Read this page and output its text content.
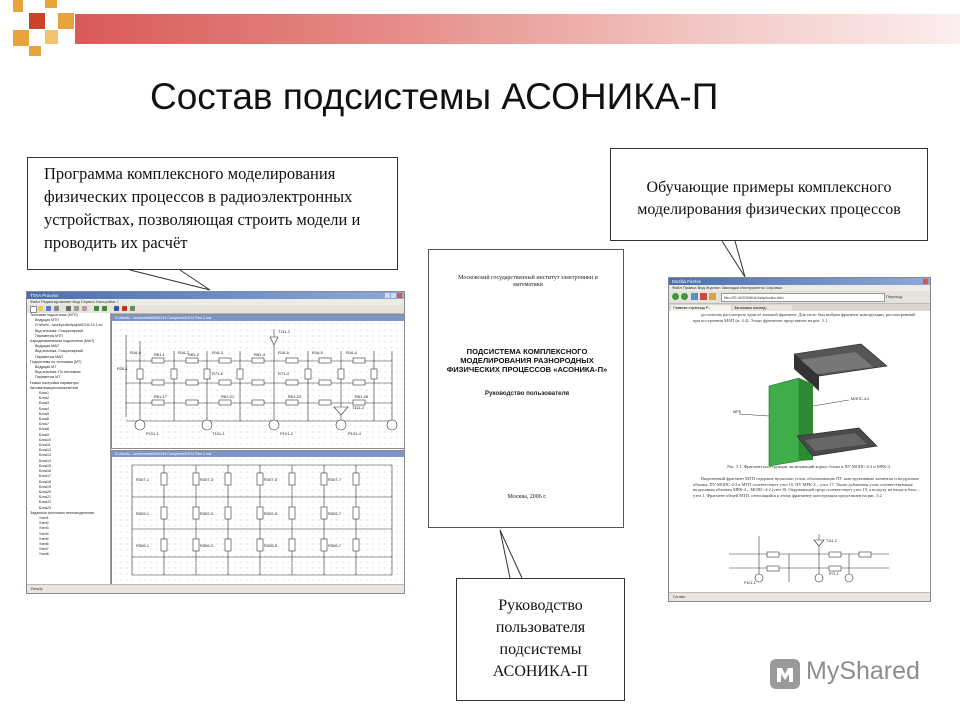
Состав подсистемы АСОНИКА-П
Программа комплексного моделирования физических процессов в радиоэлектронных устройствах, позволяющая строить модели и проводить их расчёт
Обучающие примеры комплексного моделирования физических процессов
Руководство пользователя подсистемы АСОНИКА-П
TTAA Process
Файл Редактирование Вид Сервис Настройки ?
Тепловая подсистема (МТП)
Ведущая МТП
D:\Work\...\work\pu\tbd\pdp\MCH4.14.1.cb
Вид анализа: Стационарный
Параметры МТП
Аэродинамическая подсистема (МАП)
Ведущая МАП
Вид анализа: Стационарный
Параметры МАП
Подсистема по тепловым (МТ)
Ведущая МТ
Вид анализа: По тепловым
Параметры МТ
Новые настройки параметры
Автоматизация компонентов
Блок1
Блок2
Блок3
Блок4
Блок5
Блок6
Блок7
Блок8
Блок9
Блок10
Блок11
Блок12
Блок13
Блок14
Блок15
Блок16
Блок17
Блок18
Блок19
Блок20
Блок21
Блок22
Блок23
Заданные источники тепловыделения
Узел1
Узел2
Узел3
Узел4
Узел5
Узел6
Узел7
Узел8
D:\Work\...\work\mk\tbd\MCH4 Complex\MCH4 Res 1.rds
R16-9	R16-7	R16-3	R16-6	R16-5	R16-4
R61-1	R61-2	R61-4
R61-17	R61-21	R61-23	R61-26
T111-1
T111-2
R26-1
R71-6	R71-4
P101-1	T101-1	P101-2	P101-4
D:\Work\...\work\mk\tbd\MCH4 Complex\MCH4 Res 2.rds
R307-1	R307-3	R307-5	R307-7
R302-1	R302-3	R302-5	R302-7
R306-1	R306-3	R306-5	R306-7
Ready
Московский государственный институт электроники и математики
ПОДСИСТЕМА КОМПЛЕКСНОГО МОДЕЛИРОВАНИЯ РАЗНОРОДНЫХ ФИЗИЧЕСКИХ ПРОЦЕССОВ «АСОНИКА-П»
Руководство пользователя
Москва, 2006 г.
Mozilla Firefox
Файл Правка Вид Журнал Закладки Инструменты Справка
file:///D:/ASONIKA/help/index.htm	Переход
Главная страница Р...	Заголовок послед...
достаточно рассмотреть один её типовой фрагмент. Для этого был выбран фрагмент конструкции, рассмотренный при построении МАП (п. 4.4). Эскиз фрагмента представлен на рис. 5.1.
МРК
МОПС-4-2
Рис. 5.1. Фрагмент конструкции, включающий корпус блока и ПУ МОПС-4-2 и МРК-4
Выделенный фрагмент МТП содержит несколько узлов, обозначающих ПУ, конструктивные элементы и воздушные объемы. ПУ МОПС-4-2 в МТП соответствует узел 16, ПУ МРК-4 – узел 17. Также добавлены узлы соответствующие воздушным объемам МРК-4 – МОПС-4-2 (узел 8). Окружающей среде соответствует узел 19, а воздуху на входе в блок – узел 1. Фрагмент общей МТП, относящийся к этому фрагменту конструкции представлен на рис. 5.2
T111-2
R71-1
P101-1
Готово
MyShared
